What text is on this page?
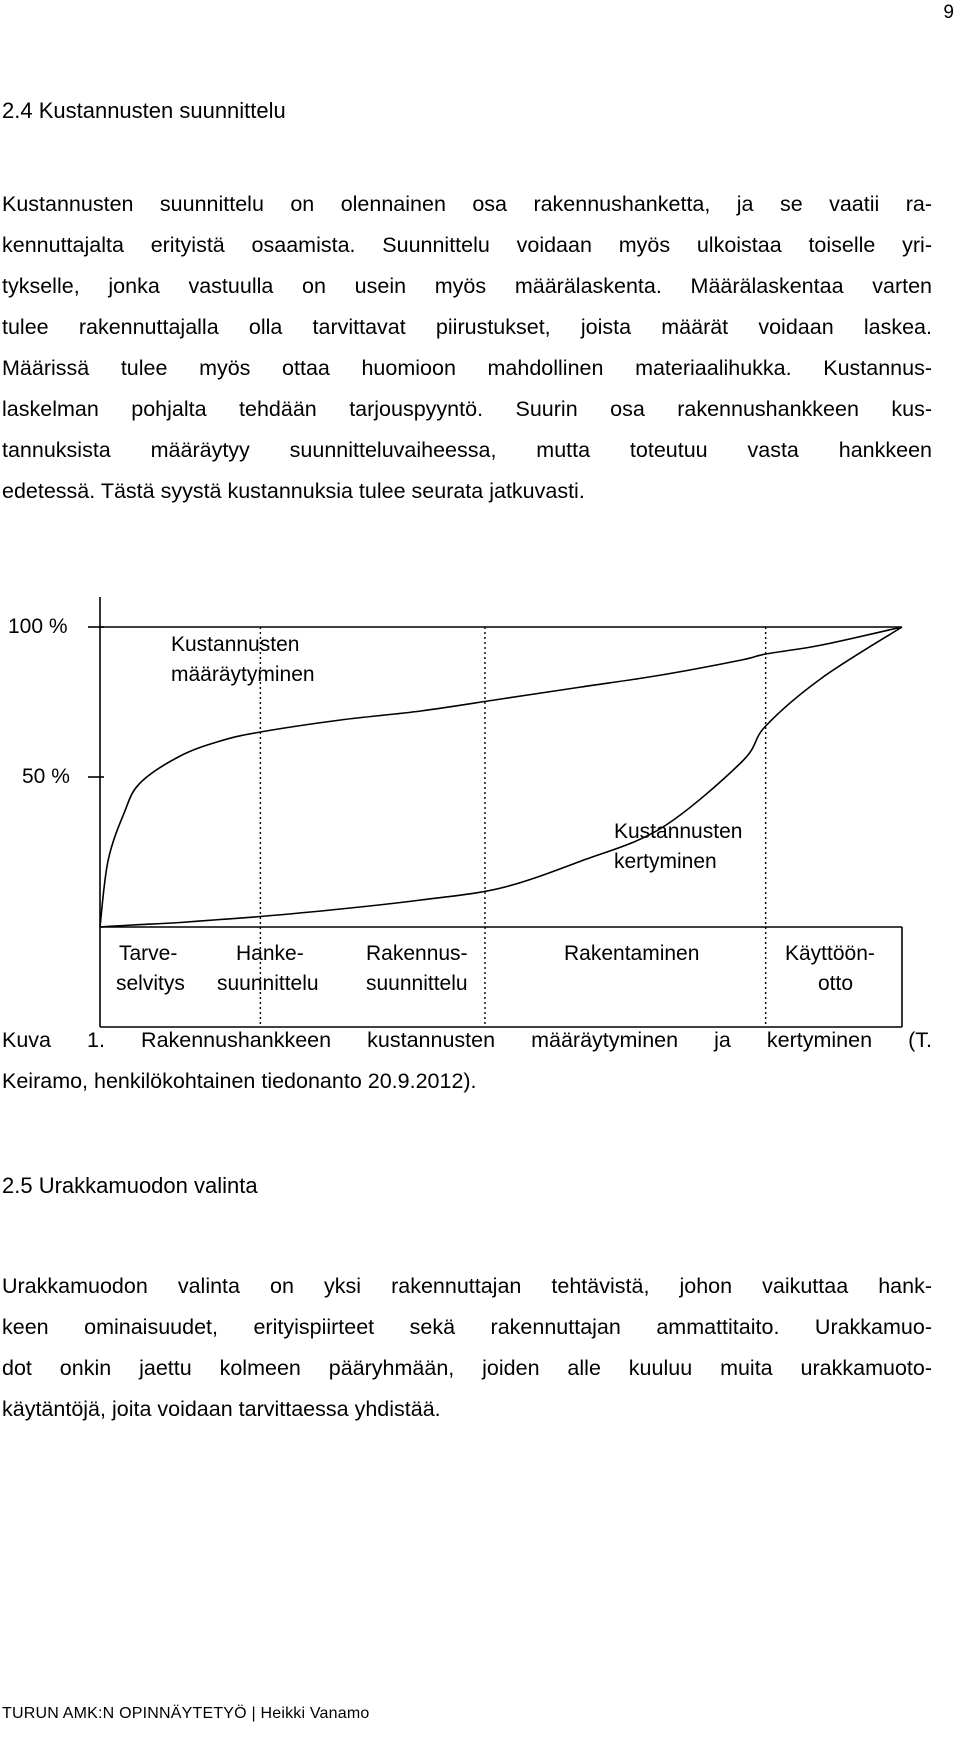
9
2.4 Kustannusten suunnittelu
Kustannusten suunnittelu on olennainen osa rakennushanketta, ja se vaatii ra-
kennuttajalta erityistä osaamista. Suunnittelu voidaan myös ulkoistaa toiselle yri-
tykselle, jonka vastuulla on usein myös määrälaskenta. Määrälaskentaa varten
tulee rakennuttajalla olla tarvittavat piirustukset, joista määrät voidaan laskea.
Määrissä tulee myös ottaa huomioon mahdollinen materiaalihukka. Kustannus-
laskelman pohjalta tehdään tarjouspyyntö. Suurin osa rakennushankkeen kus-
tannuksista määräytyy suunnitteluvaiheessa, mutta toteutuu vasta hankkeen
edetessä. Tästä syystä kustannuksia tulee seurata jatkuvasti.
100 %
50 %
Kustannusten
määräytyminen
Kustannusten
kertyminen
Tarve-
selvitys
Hanke-
suunnittelu
Rakennus-
suunnittelu
Rakentaminen	Käyttöön-
otto
Kuva 1. Rakennushankkeen kustannusten määräytyminen ja kertyminen (T.
Keiramo, henkilökohtainen tiedonanto 20.9.2012).
2.5 Urakkamuodon valinta
Urakkamuodon valinta on yksi rakennuttajan tehtävistä, johon vaikuttaa hank-
keen ominaisuudet, erityispiirteet sekä rakennuttajan ammattitaito. Urakkamuo-
dot onkin jaettu kolmeen pääryhmään, joiden alle kuuluu muita urakkamuoto-
käytäntöjä, joita voidaan tarvittaessa yhdistää.
TURUN AMK:N OPINNÄYTETYÖ | Heikki Vanamo
